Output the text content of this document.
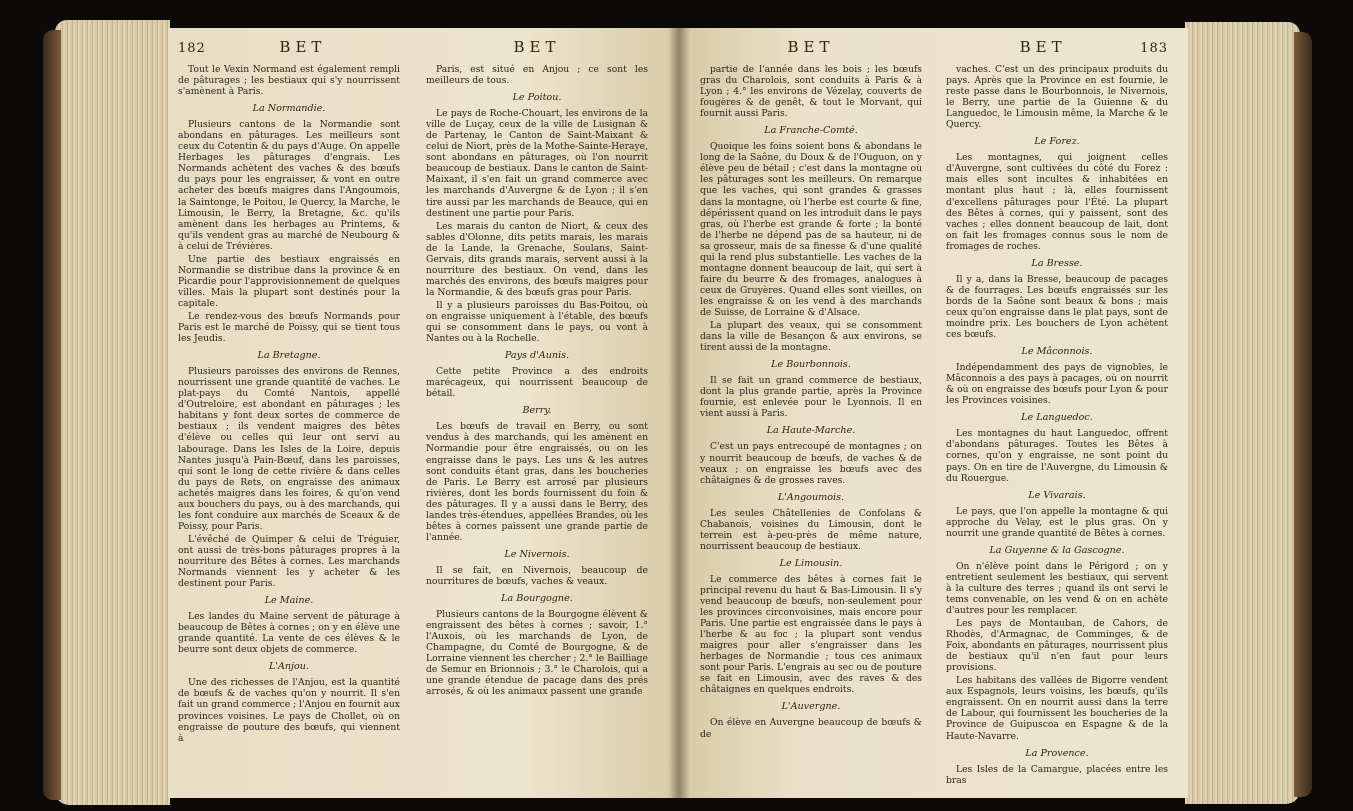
182	BET

Tout le Vexin Normand est également rempli de pâturages ; les bestiaux qui s'y nourrissent s'amènent à Paris.

La Normandie.

Plusieurs cantons de la Normandie sont abondans en pâturages. Les meilleurs sont ceux du Cotentin & du pays d'Auge. On appelle Herbages les pâturages d'engrais. Les Normands achètent des vaches & des bœufs du pays pour les engraisser, & vont en outre acheter des bœufs maigres dans l'Angoumois, la Saintonge, le Poitou, le Quercy, la Marche, le Limousin, le Berry, la Bretagne, &c. qu'ils amènent dans les herbages au Printems, & qu'ils vendent gras au marché de Neubourg & à celui de Trévières.

Une partie des bestiaux engraissés en Normandie se distribue dans la province & en Picardie pour l'approvisionnement de quelques villes. Mais la plupart sont destinés pour la capitale.

Le rendez-vous des bœufs Normands pour Paris est le marché de Poissy, qui se tient tous les Jeudis.

La Bretagne.

Plusieurs paroisses des environs de Rennes, nourrissent une grande quantité de vaches. Le plat-pays du Comté Nantois, appellé d'Outreloire, est abondant en pâturages ; les habitans y font deux sortes de commerce de bestiaux ; ils vendent maigres des bêtes d'élève ou celles qui leur ont servi au labourage. Dans les Isles de la Loire, depuis Nantes jusqu'à Pain-Bœuf, dans les paroisses, qui sont le long de cette rivière & dans celles du pays de Rets, on engraisse des animaux achetés maigres dans les foires, & qu'on vend aux bouchers du pays, ou à des marchands, qui les font conduire aux marchés de Sceaux & de Poissy, pour Paris.

L'évêché de Quimper & celui de Tréguier, ont aussi de très-bons pâturages propres à la nourriture des Bêtes à cornes. Les marchands Normands viennent les y acheter & les destinent pour Paris.

Le Maine.

Les landes du Maine servent de pâturage à beaucoup de Bêtes à cornes ; on y en élève une grande quantité. La vente de ces élèves & le beurre sont deux objets de commerce.

L'Anjou.

Une des richesses de l'Anjou, est la quantité de bœufs & de vaches qu'on y nourrit. Il s'en fait un grand commerce ; l'Anjou en fournit aux provinces voisines. Le pays de Chollet, où on engraisse de pouture des bœufs, qui viennent à

BET

Paris, est situé en Anjou ; ce sont les meilleurs de tous.

Le Poitou.

Le pays de Roche-Chouart, les environs de la ville de Luçay, ceux de la ville de Lusignan & de Partenay, le Canton de Saint-Maixant & celui de Niort, près de la Mothe-Sainte-Heraye, sont abondans en pâturages, où l'on nourrit beaucoup de bestiaux. Dans le canton de Saint-Maixant, il s'en fait un grand commerce avec les marchands d'Auvergne & de Lyon ; il s'en tire aussi par les marchands de Beauce, qui en destinent une partie pour Paris.

Les marais du canton de Niort, & ceux des sables d'Olonne, dits petits marais, les marais de la Lande, la Grenache, Soulans, Saint-Gervais, dits grands marais, servent aussi à la nourriture des bestiaux. On vend, dans les marchés des environs, des bœufs maigres pour la Normandie, & des bœufs gras pour Paris.

Il y a plusieurs paroisses du Bas-Poitou, où on engraisse uniquement à l'étable, des bœufs qui se consomment dans le pays, ou vont à Nantes ou à la Rochelle.

Pays d'Aunis.

Cette petite Province a des endroits marécageux, qui nourrissent beaucoup de bétail.

Berry.

Les bœufs de travail en Berry, ou sont vendus à des marchands, qui les amènent en Normandie pour être engraissés, ou on les engraisse dans le pays. Les uns & les autres sont conduits étant gras, dans les boucheries de Paris. Le Berry est arrosé par plusieurs rivières, dont les bords fournissent du foin & des pâturages. Il y a aussi dans le Berry, des landes très-étendues, appellées Brandes, où les bêtes à cornes paissent une grande partie de l'année.

Le Nivernois.

Il se fait, en Nivernois, beaucoup de nourritures de bœufs, vaches & veaux.

La Bourgogne.

Plusieurs cantons de la Bourgogne élèvent & engraissent des bêtes à cornes ; savoir, 1.° l'Auxois, où les marchands de Lyon, de Champagne, du Comté de Bourgogne, & de Lorraine viennent les chercher ; 2.° le Bailliage de Semur en Brionnois ; 3.° le Charolois, qui a une grande étendue de pacage dans des prés arrosés, & où les animaux passent une grande

BET

partie de l'année dans les bois ; les bœufs gras du Charolois, sont conduits à Paris & à Lyon ; 4.° les environs de Vézelay, couverts de fougères & de genêt, & tout le Morvant, qui fournit aussi Paris.

La Franche-Comté.

Quoique les foins soient bons & abondans le long de la Saône, du Doux & de l'Ouguon, on y élève peu de bétail ; c'est dans la montagne où les pâturages sont les meilleurs. On remarque que les vaches, qui sont grandes & grasses dans la montagne, où l'herbe est courte & fine, dépérissent quand on les introduit dans le pays gras, où l'herbe est grande & forte ; la bonté de l'herbe ne dépend pas de sa hauteur, ni de sa grosseur, mais de sa finesse & d'une qualité qui la rend plus substantielle. Les vaches de la montagne donnent beaucoup de lait, qui sert à faire du beurre & des fromages, analogues à ceux de Gruyères. Quand elles sont vieilles, on les engraisse & on les vend à des marchands de Suisse, de Lorraine & d'Alsace.

La plupart des veaux, qui se consomment dans la ville de Besançon & aux environs, se tirent aussi de la montagne.

Le Bourbonnois.

Il se fait un grand commerce de bestiaux, dont la plus grande partie, après la Province fournie, est enlevée pour le Lyonnois. Il en vient aussi à Paris.

La Haute-Marche.

C'est un pays entrecoupé de montagnes ; on y nourrit beaucoup de bœufs, de vaches & de veaux ; on engraisse les bœufs avec des châtaignes & de grosses raves.

L'Angoumois.

Les seules Châtellenies de Confolans & Chabanois, voisines du Limousin, dont le terrein est à-peu-près de même nature, nourrissent beaucoup de bestiaux.

Le Limousin.

Le commerce des bêtes à cornes fait le principal revenu du haut & Bas-Limousin. Il s'y vend beaucoup de bœufs, non-seulement pour les provinces circonvoisines, mais encore pour Paris. Une partie est engraissée dans le pays à l'herbe & au foc ; la plupart sont vendus maigres pour aller s'engraisser dans les herbages de Normandie ; tous ces animaux sont pour Paris. L'engrais au sec ou de pouture se fait en Limousin, avec des raves & des châtaignes en quelques endroits.

L'Auvergne.

On élève en Auvergne beaucoup de bœufs & de

BET	183

vaches. C'est un des principaux produits du pays. Après que la Province en est fournie, le reste passe dans le Bourbonnois, le Nivernois, le Berry, une partie de la Guienne & du Languedoc, le Limousin même, la Marche & le Quercy.

Le Forez.

Les montagnes, qui joignent celles d'Auvergne, sont cultivées du côté du Forez : mais elles sont incultes & inhabitées en montant plus haut ; là, elles fournissent d'excellens pâturages pour l'Été. La plupart des Bêtes à cornes, qui y paissent, sont des vaches ; elles donnent beaucoup de lait, dont on fait les fromages connus sous le nom de fromages de roches.

La Bresse.

Il y a, dans la Bresse, beaucoup de pacages & de fourrages. Les bœufs engraissés sur les bords de la Saône sont beaux & bons ; mais ceux qu'on engraisse dans le plat pays, sont de moindre prix. Les bouchers de Lyon achètent ces bœufs.

Le Mâconnois.

Indépendamment des pays de vignobles, le Mâconnois a des pays à pacages, où on nourrit & où on engraisse des bœufs pour Lyon & pour les Provinces voisines.

Le Languedoc.

Les montagnes du haut Languedoc, offrent d'abondans pâturages. Toutes les Bêtes à cornes, qu'on y engraisse, ne sont point du pays. On en tire de l'Auvergne, du Limousin & du Rouergue.

Le Vivarais.

Le pays, que l'on appelle la montagne & qui approche du Velay, est le plus gras. On y nourrit une grande quantité de Bêtes à cornes.

La Guyenne & la Gascogne.

On n'élève point dans le Périgord ; on y entretient seulement les bestiaux, qui servent à la culture des terres ; quand ils ont servi le tems convenable, on les vend & on en achète d'autres pour les remplacer.

Les pays de Montauban, de Cahors, de Rhodès, d'Armagnac, de Comminges, & de Foix, abondants en pâturages, nourrissent plus de bestiaux qu'il n'en faut pour leurs provisions.

Les habitans des vallées de Bigorre vendent aux Espagnols, leurs voisins, les bœufs, qu'ils engraissent. On en nourrit aussi dans la terre de Labour, qui fournissent les boucheries de la Province de Guipuscoa en Espagne & de la Haute-Navarre.

La Provence.

Les Isles de la Camargue, placées entre les bras
